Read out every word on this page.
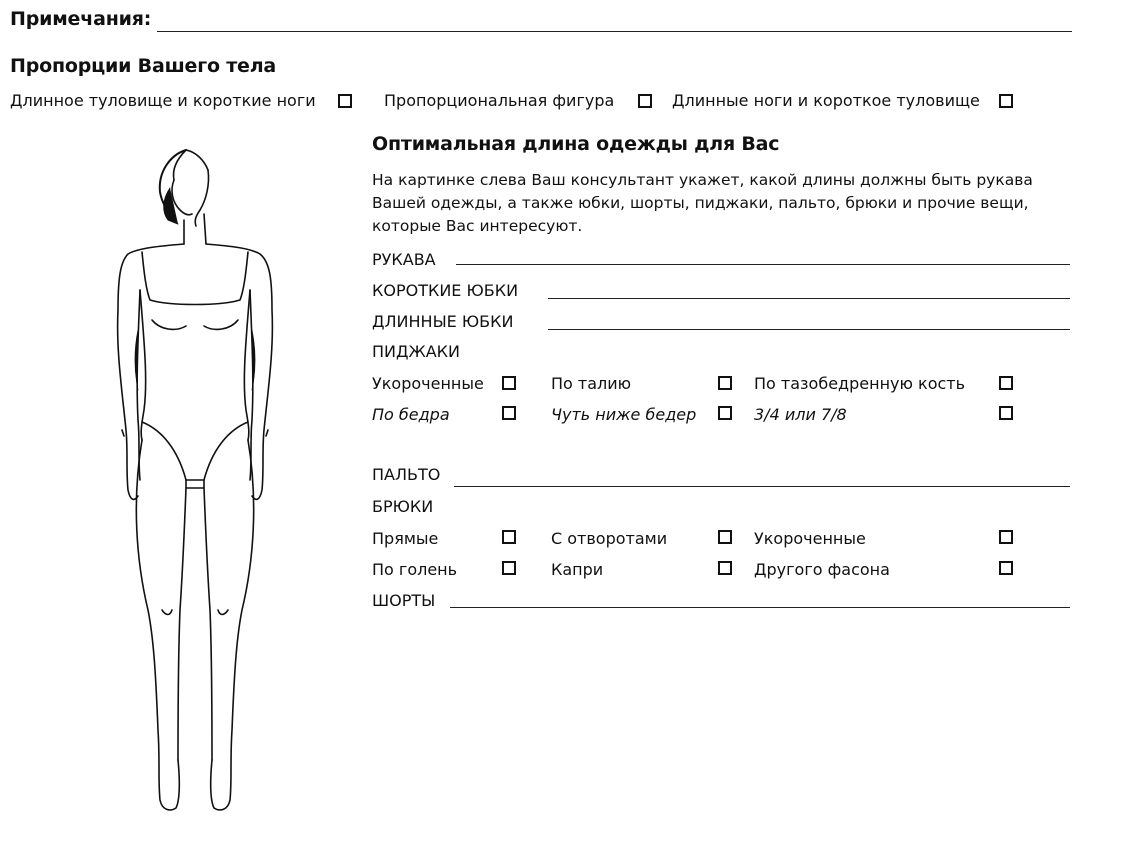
Примечания:
Пропорции Вашего тела
Длинное туловище и короткие ноги	Пропорциональная фигура	Длинные ноги и короткое туловище
Оптимальная длина одежды для Вас
На картинке слева Ваш консультант укажет, какой длины должны быть рукава Вашей одежды, а также юбки, шорты, пиджаки, пальто, брюки и прочие вещи, которые Вас интересуют.
РУКАВА
КОРОТКИЕ ЮБКИ
ДЛИННЫЕ ЮБКИ
ПИДЖАКИ
Укороченные	По талию	По тазобедренную кость
По бедра	Чуть ниже бедер	3/4 или 7/8
ПАЛЬТО
БРЮКИ
Прямые	С отворотами	Укороченные
По голень	Капри	Другого фасона
ШОРТЫ
